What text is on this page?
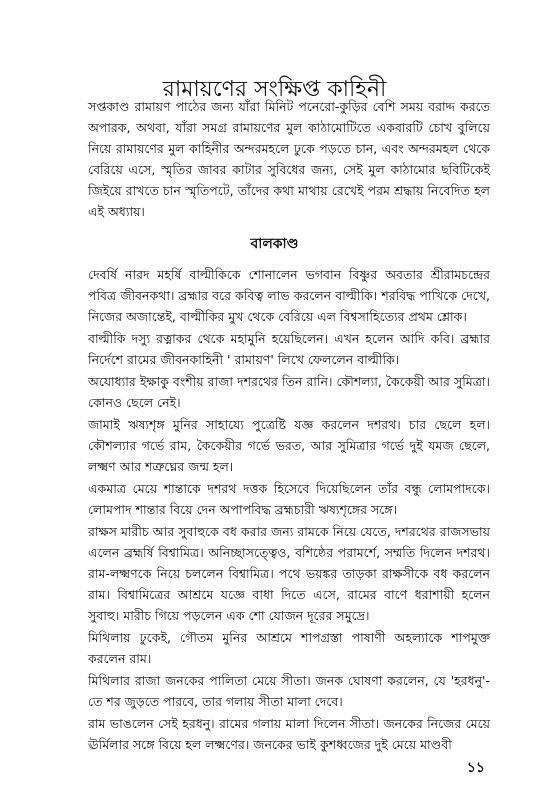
রামায়ণের সংক্ষিপ্ত কাহিনী

সপ্তকাণ্ড রামায়ণ পাঠের জন্য যাঁরা মিনিট পনেরো-কুড়ির বেশি সময় বরাদ্দ করতে অপারক, অথবা, যাঁরা সমগ্র রামায়ণের মুল কাঠামোটিতে একবারটি চোখ বুলিয়ে নিয়ে রামায়ণের মুল কাহিনীর অন্দরমহলে ঢুকে পড়তে চান, এবং অন্দরমহল থেকে বেরিয়ে এসে, স্মৃতির জাবর কাটার সুবিধের জন্য, সেই মুল কাঠামোর ছবিটিকেই জিইয়ে রাখতে চান স্মৃতিপটে, তাঁদের কথা মাথায় রেখেই পরম শ্রদ্ধায় নিবেদিত হল এই অধ্যায়।

বালকাণ্ড

দেবর্ষি নারদ মহর্ষি বাল্মীকিকে শোনালেন ভগবান বিষ্ণুর অবতার শ্রীরামচন্দ্রের পবিত্র জীবনকথা। ব্রহ্মার বরে কবিত্ব লাভ করলেন বাল্মীকি। শরবিদ্ধ পাখিকে দেখে, নিজের অজান্তেই, বাল্মীকির মুখ থেকে বেরিয়ে এল বিশ্বসাহিত্যের প্রথম শ্লোক।

বাল্মীকি দস্যু রত্নাকর থেকে মহামুনি হয়েছিলেন। এখন হলেন আদি কবি। ব্রহ্মার নির্দেশে রামের জীবনকাহিনী ' রামায়ণ' লিখে ফেললেন বাল্মীকি।

অযোধ্যার ইক্ষাকু বংশীয় রাজা দশরথের তিন রানি। কৌশল্যা, কৈকেয়ী আর সুমিত্রা। কোনও ছেলে নেই।

জামাই ঋষ্যশৃঙ্গ মুনির সাহায্যে পুত্রেষ্টি যজ্ঞ করলেন দশরথ। চার ছেলে হল। কৌশল্যার গর্ভে রাম, কৈকেয়ীর গর্ভে ভরত, আর সুমিত্রার গর্ভে দুই যমজ ছেলে, লক্ষ্মণ আর শত্রুঘ্নের জন্ম হল।

একমাত্র মেয়ে শান্তাকে দশরথ দত্তক হিসেবে দিয়েছিলেন তাঁর বন্ধু লোমপাদকে। লোমপাদ শান্তার বিয়ে দেন অপাপবিদ্ধ ব্রহ্মচারী ঋষ্যশৃঙ্গের সঙ্গে।

রাক্ষস মারীচ আর সুবাহুকে বধ করার জন্য রামকে নিয়ে যেতে, দশরথের রাজসভায় এলেন ব্রহ্মর্ষি বিশ্বামিত্র। অনিচ্ছাসত্ত্বেও, বশিষ্ঠের পরামর্শে, সম্মতি দিলেন দশরথ। রাম-লক্ষ্মণকে নিয়ে চললেন বিশ্বামিত্র। পথে ভয়ঙ্কর তাড়কা রাক্ষসীকে বধ করলেন রাম। বিশ্বামিত্রের আশ্রমে যজ্ঞে বাধা দিতে এসে, রামের বাণে ধরাশায়ী হলেন সুবাহু। মারীচ গিয়ে পড়লেন এক শো যোজন দূরের সমুদ্রে।

মিথিলায় ঢুকেই, গৌতম মুনির আশ্রমে শাপগ্রস্তা পাষাণী অহল্যাকে শাপমুক্ত করলেন রাম।

মিথিলার রাজা জনকের পালিতা মেয়ে সীতা। জনক ঘোষণা করলেন, যে 'হরধনু'-তে শর জুড়তে পারবে, তার গলায় সীতা মালা দেবে।

রাম ভাঙলেন সেই হরধনু। রামের গলায় মালা দিলেন সীতা। জনকের নিজের মেয়ে ঊর্মিলার সঙ্গে বিয়ে হল লক্ষ্মণের। জনকের ভাই কুশধ্বজের দুই মেয়ে মাণ্ডবী

১১
